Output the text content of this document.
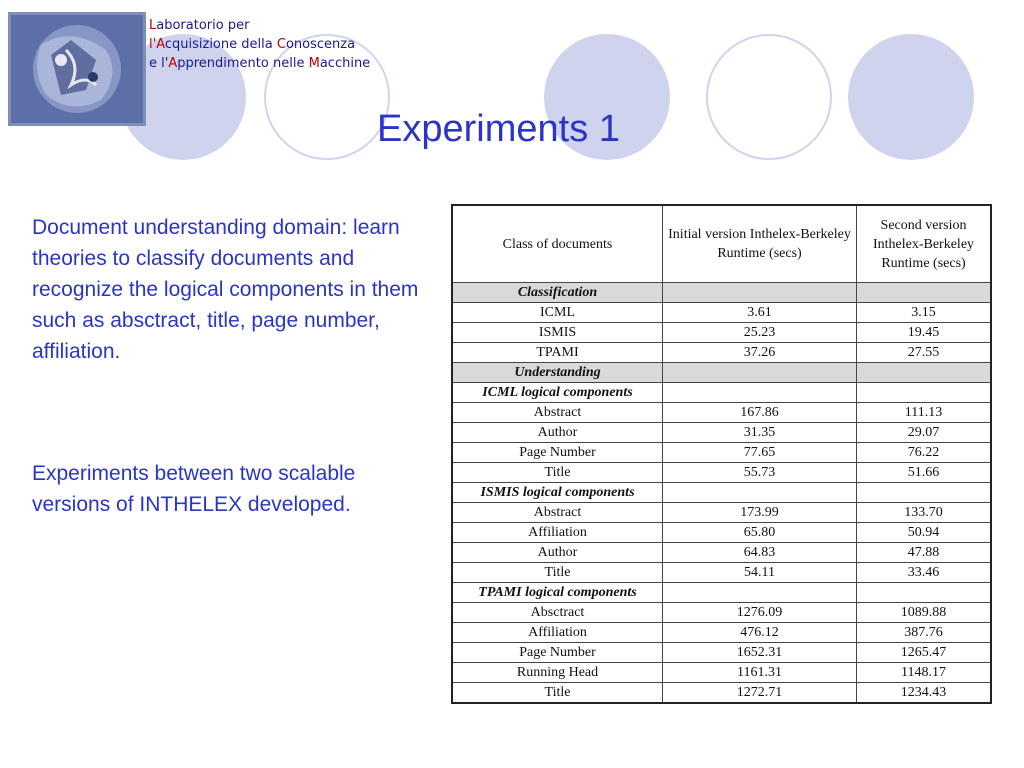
Laboratorio per
l'Acquisizione della Conoscenza
e l'Apprendimento nelle Macchine
Experiments 1

Document understanding domain: learn theories to classify documents and recognize the logical components in them such as absctract, title, page number, affiliation.

Experiments between two scalable versions of INTHELEX developed.

Class of documents	Initial version Inthelex-Berkeley Runtime (secs)	Second version Inthelex-Berkeley Runtime (secs)
Classification		
ICML	3.61	3.15
ISMIS	25.23	19.45
TPAMI	37.26	27.55
Understanding		
ICML logical components		
Abstract	167.86	111.13
Author	31.35	29.07
Page Number	77.65	76.22
Title	55.73	51.66
ISMIS logical components		
Abstract	173.99	133.70
Affiliation	65.80	50.94
Author	64.83	47.88
Title	54.11	33.46
TPAMI logical components		
Absctract	1276.09	1089.88
Affiliation	476.12	387.76
Page Number	1652.31	1265.47
Running Head	1161.31	1148.17
Title	1272.71	1234.43
